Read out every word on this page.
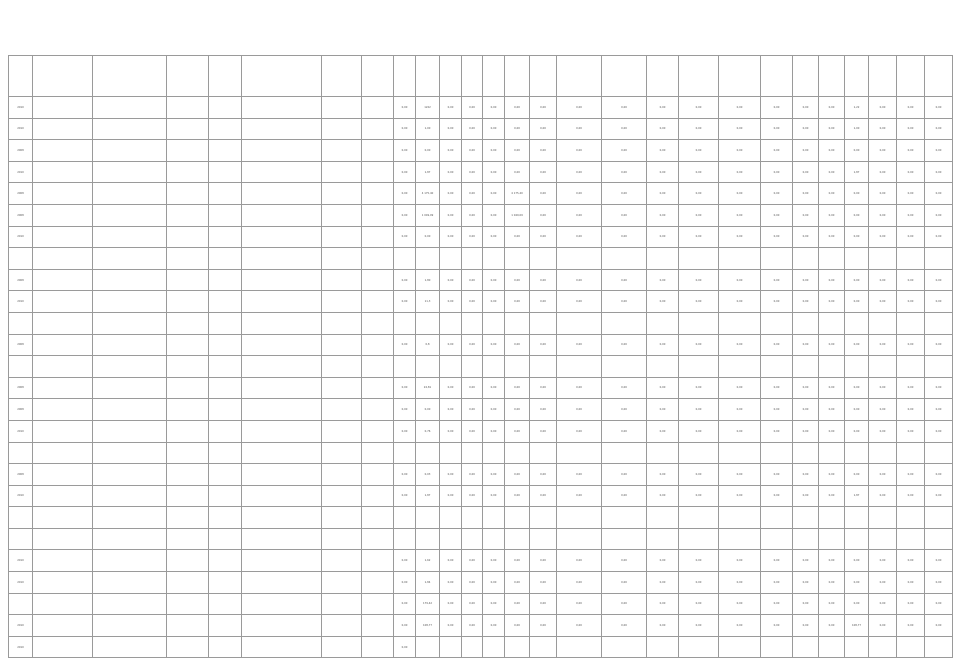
2010								0,00	1222	0,00	0,00	0,00	0,00	0,00	0,00	0,00	0,00	0,00	0,00	0,00	0,00	0,00	1,22	0,00	0,00	0,00	
2010								0,00	1,00	0,00	0,00	0,00	0,00	0,00	0,00	0,00	0,00	0,00	0,00	0,00	0,00	0,00	1,00	0,00	0,00	0,00	
2008								0,00	0,00	0,00	0,00	0,00	0,00	0,00	0,00	0,00	0,00	0,00	0,00	0,00	0,00	0,00	0,00	0,00	0,00	0,00	
2010								0,00	1,87	0,00	0,00	0,00	0,00	0,00	0,00	0,00	0,00	0,00	0,00	0,00	0,00	0,00	1,87	0,00	0,00	0,00	
2008								0,00	4 175,40	0,00	0,00	0,00	4 175,40	0,00	0,00	0,00	0,00	0,00	0,00	0,00	0,00	0,00	0,00	0,00	0,00	0,00	
2008								0,00	1 049,09	0,00	0,00	0,00	1 049,09	0,00	0,00	0,00	0,00	0,00	0,00	0,00	0,00	0,00	0,00	0,00	0,00	0,00	
2010								0,00	0,00	0,00	0,00	0,00	0,00	0,00	0,00	0,00	0,00	0,00	0,00	0,00	0,00	0,00	0,00	0,00	0,00	0,00	

2008								0,00	1,80	0,00	0,00	0,00	0,00	0,00	0,00	0,00	0,00	0,00	0,00	0,00	0,00	0,00	0,00	0,00	0,00	0,00	
2010								0,00	11,3	0,00	0,00	0,00	0,00	0,00	0,00	0,00	0,00	0,00	0,00	0,00	0,00	0,00	0,00	0,00	0,00	0,00	

2008								0,00	0,8	0,00	0,00	0,00	0,00	0,00	0,00	0,00	0,00	0,00	0,00	0,00	0,00	0,00	0,00	0,00	0,00	0,00	

2008								0,00	24,81	0,00	0,00	0,00	0,00	0,00	0,00	0,00	0,00	0,00	0,00	0,00	0,00	0,00	0,00	0,00	0,00	0,00	
2008								0,00	0,00	0,00	0,00	0,00	0,00	0,00	0,00	0,00	0,00	0,00	0,00	0,00	0,00	0,00	0,00	0,00	0,00	0,00	
2010								0,00	0,76	0,00	0,00	0,00	0,00	0,00	0,00	0,00	0,00	0,00	0,00	0,00	0,00	0,00	0,00	0,00	0,00	0,00	

2008								0,00	0,03	0,00	0,00	0,00	0,00	0,00	0,00	0,00	0,00	0,00	0,00	0,00	0,00	0,00	0,00	0,00	0,00	0,00	
2010								0,00	1,87	0,00	0,00	0,00	0,00	0,00	0,00	0,00	0,00	0,00	0,00	0,00	0,00	0,00	1,87	0,00	0,00	0,00	

2010								0,00	1,62	0,00	0,00	0,00	0,00	0,00	0,00	0,00	0,00	0,00	0,00	0,00	0,00	0,00	0,00	0,00	0,00	0,00	
2010								0,00	1,84	0,00	0,00	0,00	0,00	0,00	0,00	0,00	0,00	0,00	0,00	0,00	0,00	0,00	0,00	0,00	0,00	0,00	
								0,00	179,42	0,00	0,00	0,00	0,00	0,00	0,00	0,00	0,00	0,00	0,00	0,00	0,00	0,00	0,00	0,00	0,00	0,00	
2010								0,00	108,77	0,00	0,00	0,00	0,00	0,00	0,00	0,00	0,00	0,00	0,00	0,00	0,00	0,00	108,77	0,00	0,00	0,00	
2010								0,00																			
